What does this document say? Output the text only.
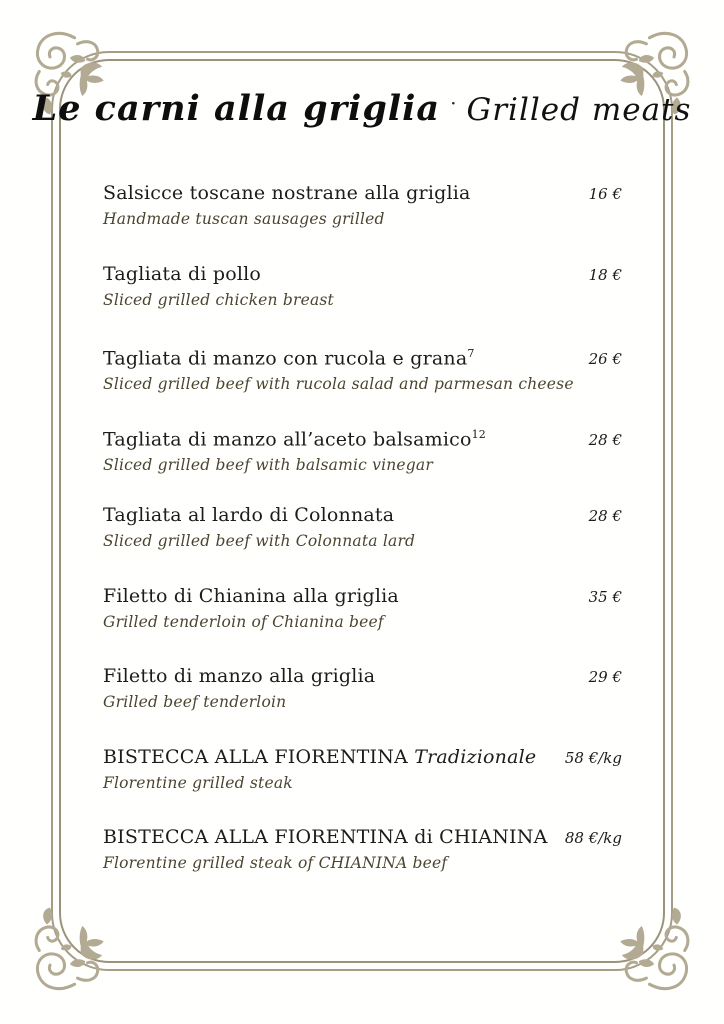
Le carni alla griglia · Grilled meats
Salsicce toscane nostrane alla griglia	16 €
Handmade tuscan sausages grilled
Tagliata di pollo	18 €
Sliced grilled chicken breast
Tagliata di manzo con rucola e grana$^7$	26 €
Sliced grilled beef with rucola salad and parmesan cheese
Tagliata di manzo all’aceto balsamico$^{12}$	28 €
Sliced grilled beef with balsamic vinegar
Tagliata al lardo di Colonnata	28 €
Sliced grilled beef with Colonnata lard
Filetto di Chianina alla griglia	35 €
Grilled tenderloin of Chianina beef
Filetto di manzo alla griglia	29 €
Grilled beef tenderloin
BISTECCA ALLA FIORENTINA Tradizionale	58 €/kg
Florentine grilled steak
BISTECCA ALLA FIORENTINA di CHIANINA	88 €/kg
Florentine grilled steak of CHIANINA beef
